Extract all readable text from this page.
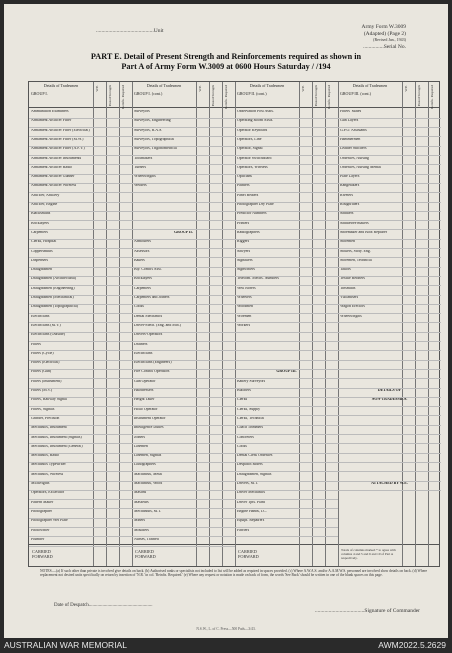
..........................................Unit
Army Form W.3009
(Adapted) (Page 2)
(Revised Jan., 1943)
...............Serial No.
PART E. Detail of Present Strength and Reinforcements required as shown in
Part A of Army Form W.3009 at 0600 Hours Saturday / /194
W.E.	Posted Strength	Reinfts. Required
Details of Tradesmen
GROUP I.
Ammunition Examiners
Armament Artificer Fitter
Armament Artificer Fitter (Electrical)
Armament Artificer Fitter (M.W.)
Armament Artificer Fitter (A.F.V.)
Armament Artificer Instruments
Armament Artificer Radio
Armament Artificer Gunner
Armament Artificer Wireless
Artificer, Artillery
Artificer, Engine
Blacksmiths
Bricklayers
Carpenters
Clerks, Hospital
Coppersmiths
Dispensers
Draughtsmen
Draughtsmen (Architectural)
Draughtsmen (Engineering)
Draughtsmen (Mechanical)
Draughtsmen (Topographical)
Electricians
Electricians (M.V.)
Electricians (Outside)
Fitters
Fitters (Cycle)
Fitters (Electrical)
Fitters (Gun)
Fitters (Instrument)
Fitters (M.V.)
Fitters, Railway Signal
Fitters, Signals
Grinder, Precision
Mechanics, Instrument
Mechanics, Instrument (Signals)
Mechanics, Instrument (General)
Mechanics, Radio
Mechanics Typewriter
Mechanics, Wireless
Millwrights
Operators, Excavator
Pattern Maker
Photographer
Photographer Wet Plate
Photowriter
Plumber
CARRIED
FORWARD
W.E.	Posted Strength	Reinfts. Required
Details of Tradesmen
GROUP I. (cont.)
Surveyors
Surveyors, Engineering
Surveyors, R.A.S.
Surveyors, Topographical
Surveyors, Trigonometrical
Toolmakers
Turners
Wheelwrights
Welders
GROUP II.
Armourers
Assessors
Bakers
Bty. Comd's Asst.
Bricklayers
Carpenters
Carpenters and Joiners
Cooks
Dental Mechanics
Driver-Mech. (Eng. and Mot.)
Drivers-Operators
Drainers
Electricians
Electricians (Engineers)
Fire Control Operators
Gun Operator
Hairdressers
Height Taker
Hollo Operator
Instrument Operator
Intelligence Duties
Joiners
Linemen
Linemen, Signals
Lithographers
Machinists, Metal
Machinists, Wood
Masons
Masseurs
Mechanists, M.T.
Miners
Moulders
Nurses, Trained
CARRIED
FORWARD
W.E.	Posted Strength	Reinfts. Required
Details of Tradesmen
GROUP II. (cont.)
Observation Post Assts.
Operating Room Assts.
Operator Keyboard
Operators, Line
Operator, Signal
Operator Switchboard
Operators, Wireless
Opticians
Painters
Panel Beaters
Photographer Dry Plate
Predictor Numbers
Printers
Radiographers
Riggers
Sawyers
Signallers
Signwriters
Telecom. Mechs. Numbers
Well Borers
Wheelers
Woodmen
Wiremen
Workers
GROUP III.
Battery Surveyors
Butchers
Clerks
Clerks, Supply
Clerks, Technical
Coach Trimmers
Concreters
Cooks
Dental Clerk Orderlies
Despatch Riders
Draughtsmen, Signals
Drivers, M.T.
Driver Mechanics
Driver Tpts. Plant
Engine Hands, I.C.
Equipt. Repairers
Farriers
CARRIED
FORWARD
W.E.	Posted Strength	Reinfts. Required
Details of Tradesmen
GROUP III. (cont.)
Fitters' Mates
Gun Layers
G.P.O. Assistants
Hammermen
Leather Stitchers
Orderlies, Nursing
Orderlies, Nursing Mental
Plate Layers
Rangetakers
Riveters
Roughriders
Saddlers
Saddletree makers
Shoemaker and Boot Repairer
Storemen
Stokers, Stoty. Eng.
Storemen, Technical
Tailors
Textile Refiners
Tinsmiths
Vulcanisers
Wagon Erectors
Wheelwrights
DETAILS OF
NON-TRADESMEN.
ATTACHED BY W.E.
Totals of columns marked * to agree with columns 4 and 5 and 6 and 10 of Part A respectively.
NOTES.—(a) If such other than private is involved give details on back. (b) Authorised ranks or specialists not included to list will be added as required in spaces provided. (c) Where A.W.A.S. and/or A.A.M.W.S. personnel are involved show details on back. (d) Where replacement not desired units specifically on return by insertion of 'N.R.' in col. 'Reinfts. Required.' (e) Where any request or notation is made on back of form, the words 'See Back' should be written in one of the blank spaces on this page.
Date of Despatch...................................................
....................................Signature of Commander
N.S.W., L. of C. Press—500 Pads—3/43.
AUSTRALIAN WAR MEMORIAL	AWM2022.5.2629
